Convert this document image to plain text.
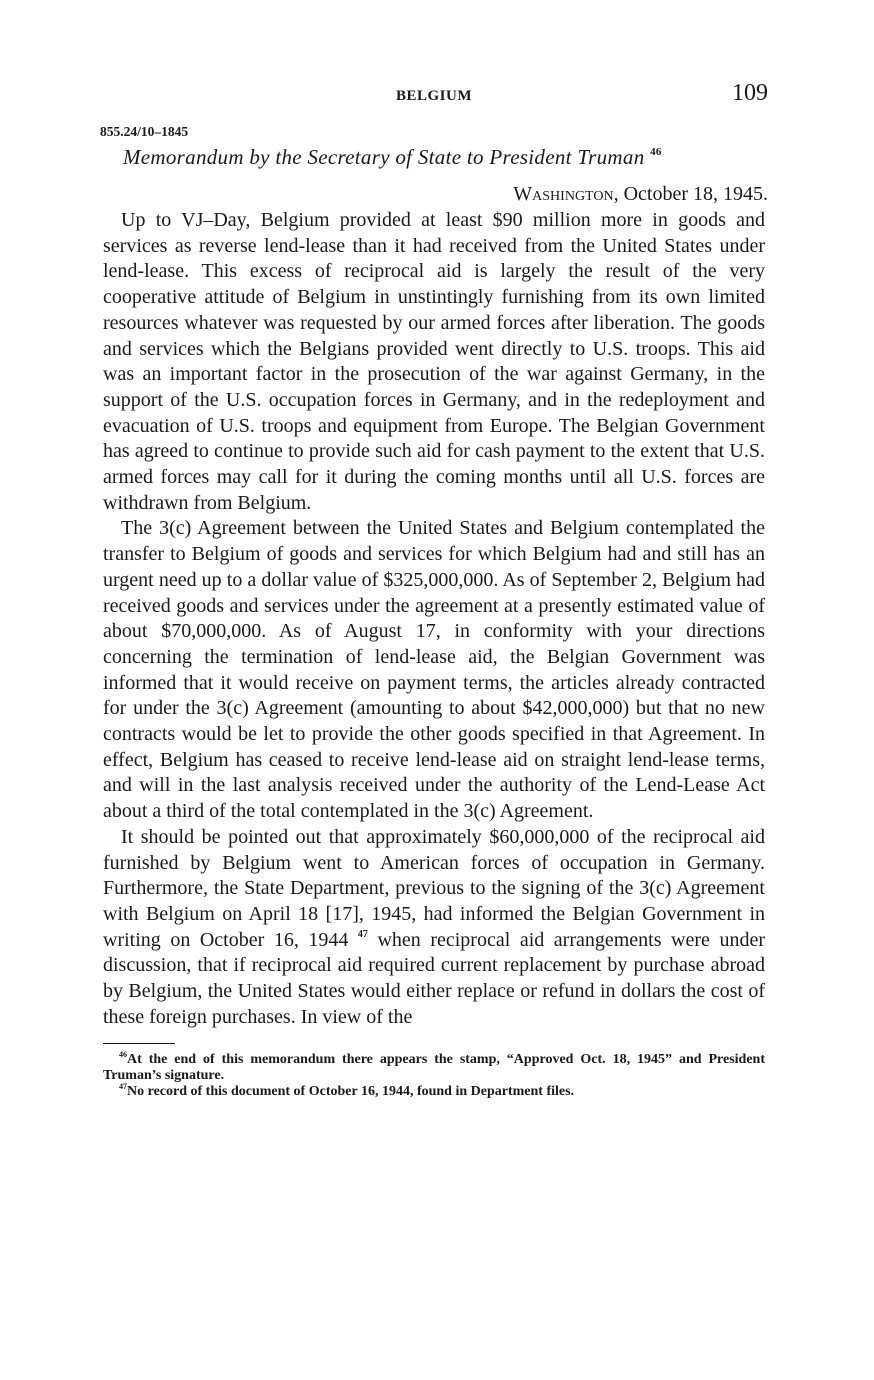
BELGIUM	109
855.24/10–1845
Memorandum by the Secretary of State to President Truman $^{46}$
Washington, October 18, 1945.

Up to VJ–Day, Belgium provided at least $90 million more in goods and services as reverse lend-lease than it had received from the United States under lend-lease. This excess of reciprocal aid is largely the result of the very cooperative attitude of Belgium in unstintingly furnishing from its own limited resources whatever was requested by our armed forces after liberation. The goods and services which the Belgians provided went directly to U.S. troops. This aid was an important factor in the prosecution of the war against Germany, in the support of the U.S. occupation forces in Germany, and in the redeployment and evacuation of U.S. troops and equipment from Europe. The Belgian Government has agreed to continue to provide such aid for cash payment to the extent that U.S. armed forces may call for it during the coming months until all U.S. forces are withdrawn from Belgium.

The 3(c) Agreement between the United States and Belgium contemplated the transfer to Belgium of goods and services for which Belgium had and still has an urgent need up to a dollar value of $325,000,000. As of September 2, Belgium had received goods and services under the agreement at a presently estimated value of about $70,000,000. As of August 17, in conformity with your directions concerning the termination of lend-lease aid, the Belgian Government was informed that it would receive on payment terms, the articles already contracted for under the 3(c) Agreement (amounting to about $42,000,000) but that no new contracts would be let to provide the other goods specified in that Agreement. In effect, Belgium has ceased to receive lend-lease aid on straight lend-lease terms, and will in the last analysis received under the authority of the Lend-Lease Act about a third of the total contemplated in the 3(c) Agreement.

It should be pointed out that approximately $60,000,000 of the reciprocal aid furnished by Belgium went to American forces of occupation in Germany. Furthermore, the State Department, previous to the signing of the 3(c) Agreement with Belgium on April 18 [17], 1945, had informed the Belgian Government in writing on October 16, 1944 $^{47}$ when reciprocal aid arrangements were under discussion, that if reciprocal aid required current replacement by purchase abroad by Belgium, the United States would either replace or refund in dollars the cost of these foreign purchases. In view of the

$^{46}$At the end of this memorandum there appears the stamp, “Approved Oct. 18, 1945” and President Truman’s signature.

$^{47}$No record of this document of October 16, 1944, found in Department files.
